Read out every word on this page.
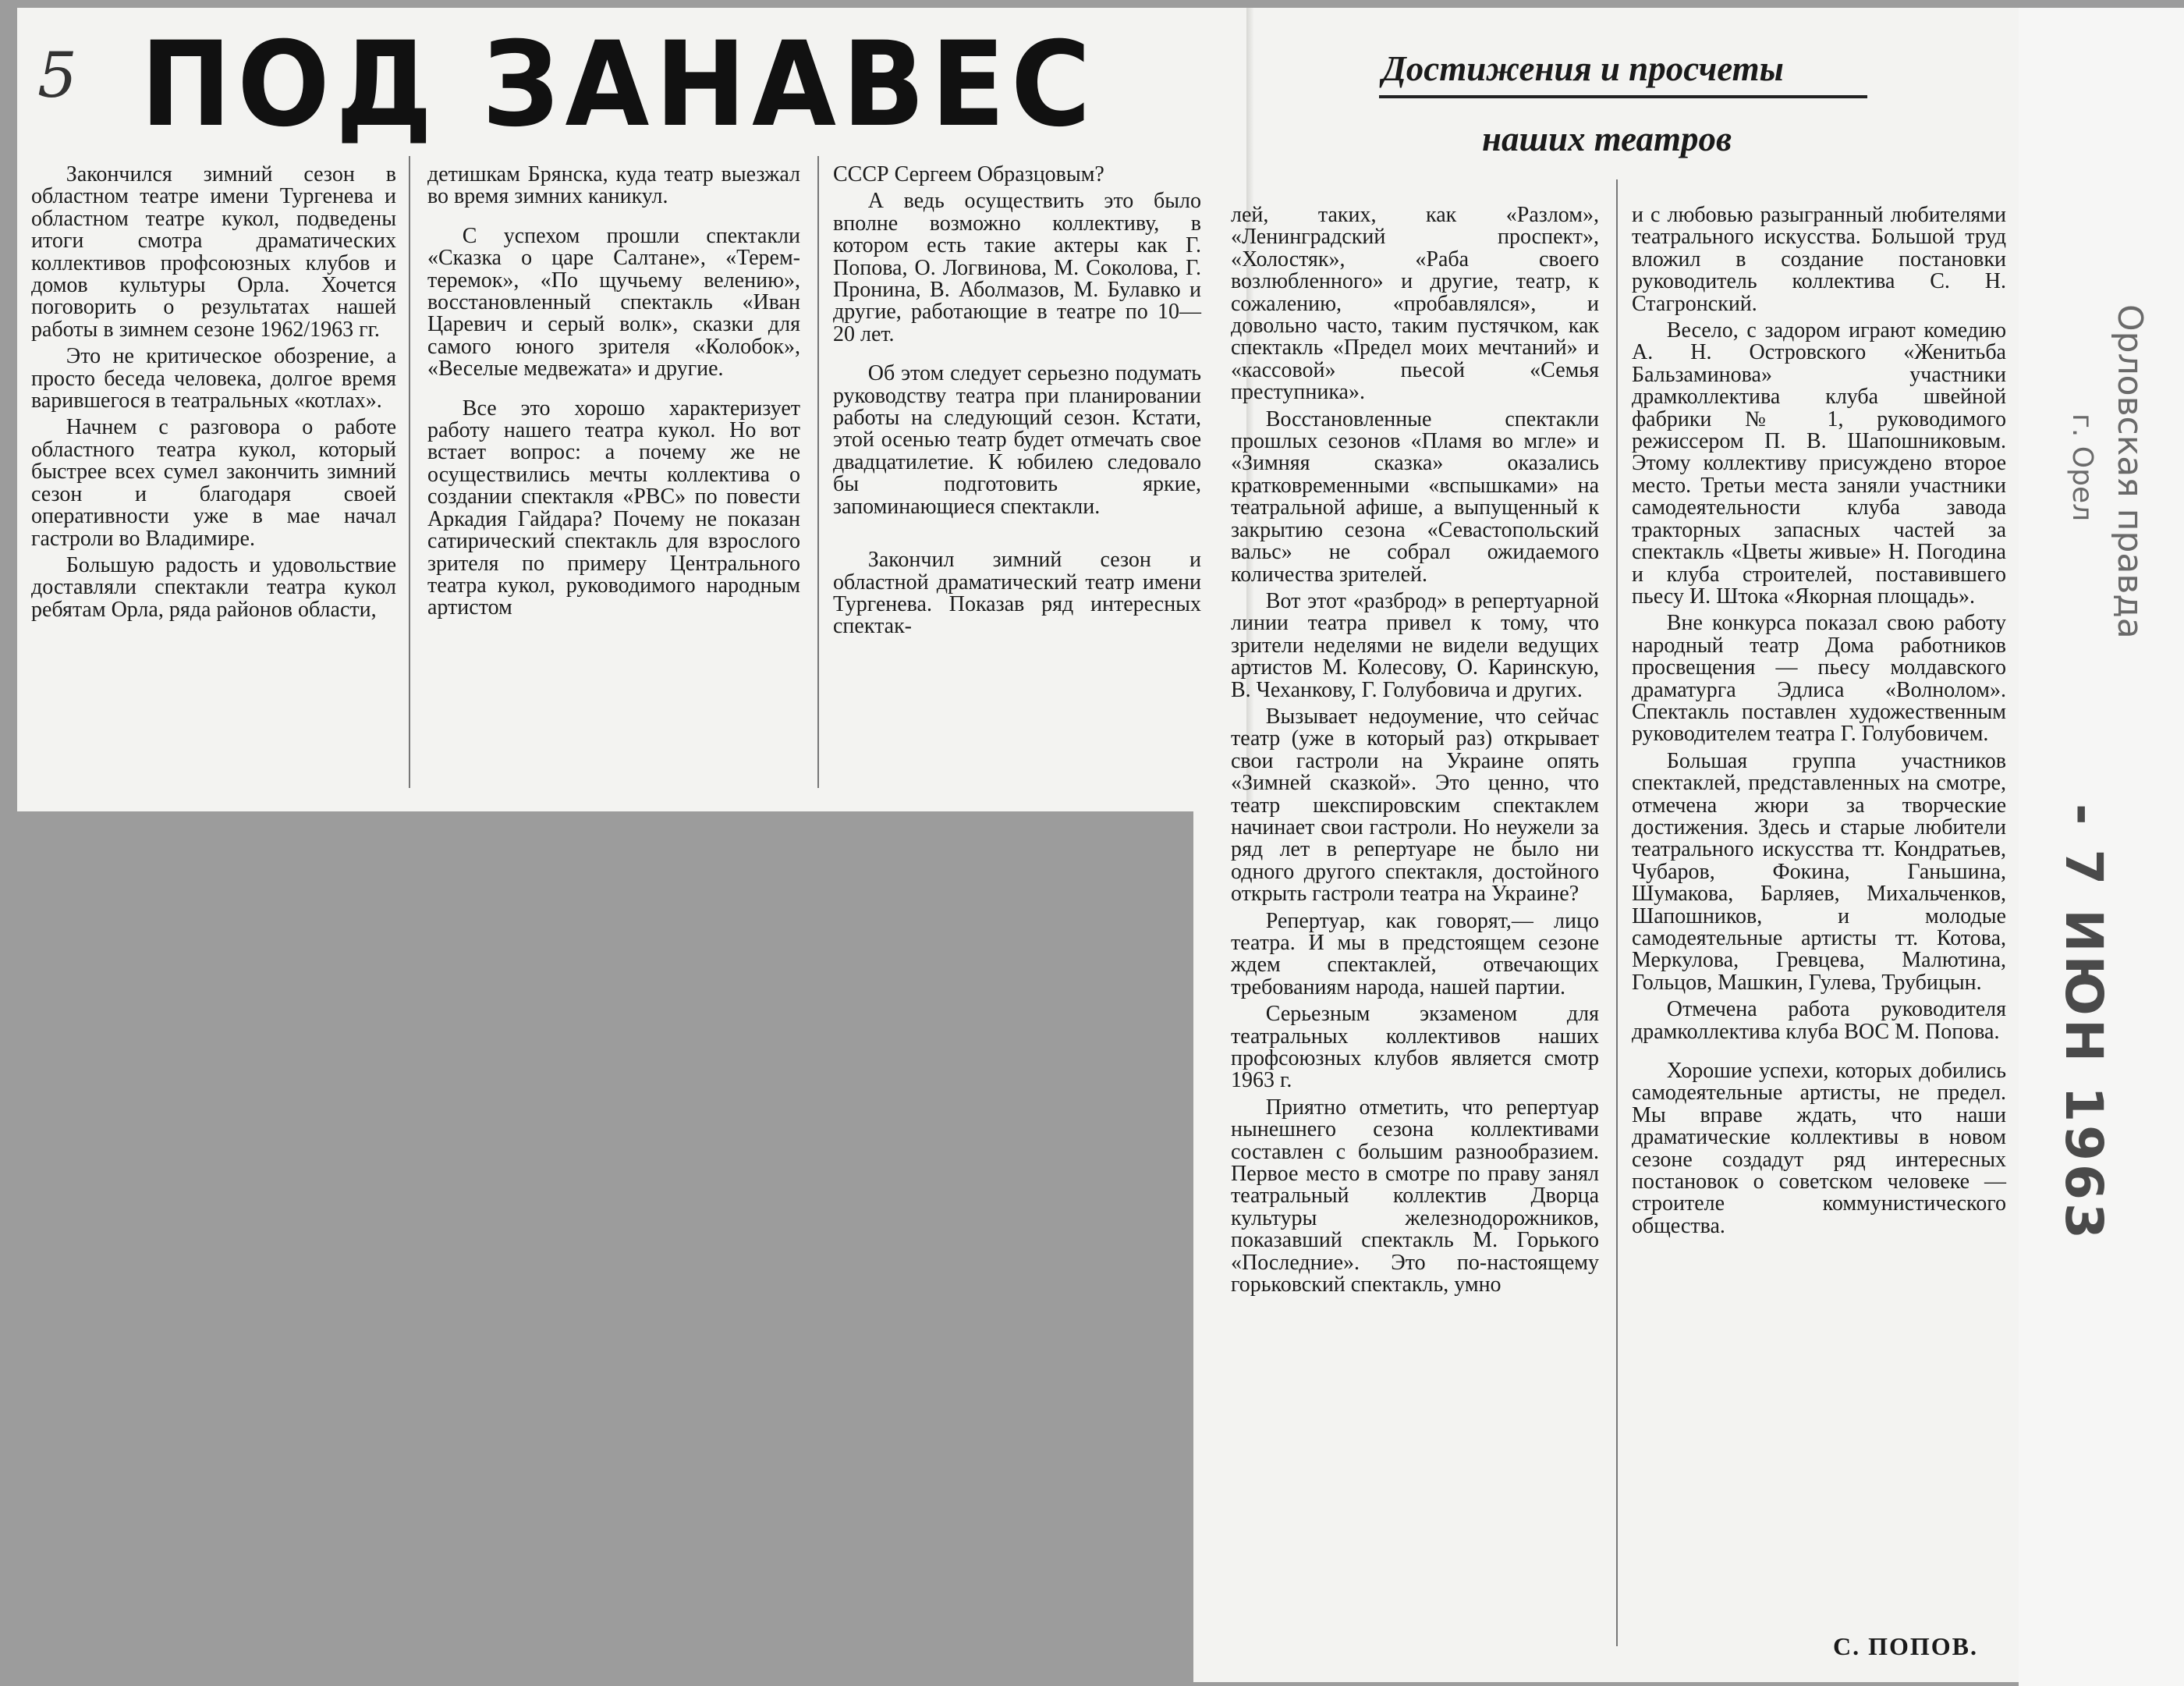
5 ПОД ЗАНАВЕС	Достижения и просчеты
наших театров

Закончился зимний сезон в областном театре имени Тургенева и областном театре кукол, подведены итоги смотра драматических коллективов профсоюзных клубов и домов культуры Орла. Хочется поговорить о результатах нашей работы в зимнем сезоне 1962/1963 гг.

Это не критическое обозрение, а просто беседа человека, долгое время варившегося в театральных «котлах».

Начнем с разговора о работе областного театра кукол, который быстрее всех сумел закончить зимний сезон и благодаря своей оперативности уже в мае начал гастроли во Владимире.

Большую радость и удовольствие доставляли спектакли театра кукол ребятам Орла, ряда районов области,

детишкам Брянска, куда театр выезжал во время зимних каникул.

С успехом прошли спектакли «Сказка о царе Салтане», «Терем-теремок», «По щучьему велению», восстановленный спектакль «Иван Царевич и серый волк», сказки для самого юного зрителя «Колобок», «Веселые медвежата» и другие.

Все это хорошо характеризует работу нашего театра кукол. Но вот встает вопрос: а почему же не осуществились мечты коллектива о создании спектакля «РВС» по повести Аркадия Гайдара? Почему не показан сатирический спектакль для взрослого зрителя по примеру Центрального театра кукол, руководимого народным артистом

СССР Сергеем Образцовым?

А ведь осуществить это было вполне возможно коллективу, в котором есть такие актеры как Г. Попова, О. Логвинова, М. Соколова, Г. Пронина, В. Аболмазов, М. Булавко и другие, работающие в театре по 10—20 лет.

Об этом следует серьезно подумать руководству театра при планировании работы на следующий сезон. Кстати, этой осенью театр будет отмечать свое двадцатилетие. К юбилею следовало бы подготовить яркие, запоминающиеся спектакли.

Закончил зимний сезон и областной драматический театр имени Тургенева. Показав ряд интересных спектак-

лей, таких, как «Разлом», «Ленинградский проспект», «Холостяк», «Раба своего возлюбленного» и другие, театр, к сожалению, «пробавлялся», и довольно часто, таким пустячком, как спектакль «Предел моих мечтаний» и «кассовой» пьесой «Семья преступника».

Восстановленные спектакли прошлых сезонов «Пламя во мгле» и «Зимняя сказка» оказались кратковременными «вспышками» на театральной афише, а выпущенный к закрытию сезона «Севастопольский вальс» не собрал ожидаемого количества зрителей.

Вот этот «разброд» в репертуарной линии театра привел к тому, что зрители неделями не видели ведущих артистов М. Колесову, О. Каринскую, В. Чеханкову, Г. Голубовича и других.

Вызывает недоумение, что сейчас театр (уже в который раз) открывает свои гастроли на Украине опять «Зимней сказкой». Это ценно, что театр шекспировским спектаклем начинает свои гастроли. Но неужели за ряд лет в репертуаре не было ни одного другого спектакля, достойного открыть гастроли театра на Украине?

Репертуар, как говорят,— лицо театра. И мы в предстоящем сезоне ждем спектаклей, отвечающих требованиям народа, нашей партии.

Серьезным экзаменом для театральных коллективов наших профсоюзных клубов является смотр 1963 г.

Приятно отметить, что репертуар нынешнего сезона коллективами составлен с большим разнообразием. Первое место в смотре по праву занял театральный коллектив Дворца культуры железнодорожников, показавший спектакль М. Горького «Последние». Это по-настоящему горьковский спектакль, умно

и с любовью разыгранный любителями театрального искусства. Большой труд вложил в создание постановки руководитель коллектива С. Н. Стагронский.

Весело, с задором играют комедию А. Н. Островского «Женитьба Бальзаминова» участники драмколлектива клуба швейной фабрики № 1, руководимого режиссером П. В. Шапошниковым. Этому коллективу присуждено второе место. Третьи места заняли участники самодеятельности клуба завода тракторных запасных частей за спектакль «Цветы живые» Н. Погодина и клуба строителей, поставившего пьесу И. Штока «Якорная площадь».

Вне конкурса показал свою работу народный театр Дома работников просвещения — пьесу молдавского драматурга Эдлиса «Волнолом». Спектакль поставлен художественным руководителем театра Г. Голубовичем.

Большая группа участников спектаклей, представленных на смотре, отмечена жюри за творческие достижения. Здесь и старые любители театрального искусства тт. Кондратьев, Чубаров, Фокина, Ганьшина, Шумакова, Барляев, Михальченков, Шапошников, и молодые самодеятельные артисты тт. Котова, Меркулова, Гревцева, Малютина, Гольцов, Машкин, Гулева, Трубицын.

Отмечена работа руководителя драмколлектива клуба ВОС М. Попова.

Хорошие успехи, которых добились самодеятельные артисты, не предел. Мы вправе ждать, что наши драматические коллективы в новом сезоне создадут ряд интересных постановок о советском человеке — строителе коммунистического общества.

С. ПОПОВ.
Орловская правда
г. Орел
- 7 ИЮН 1963
